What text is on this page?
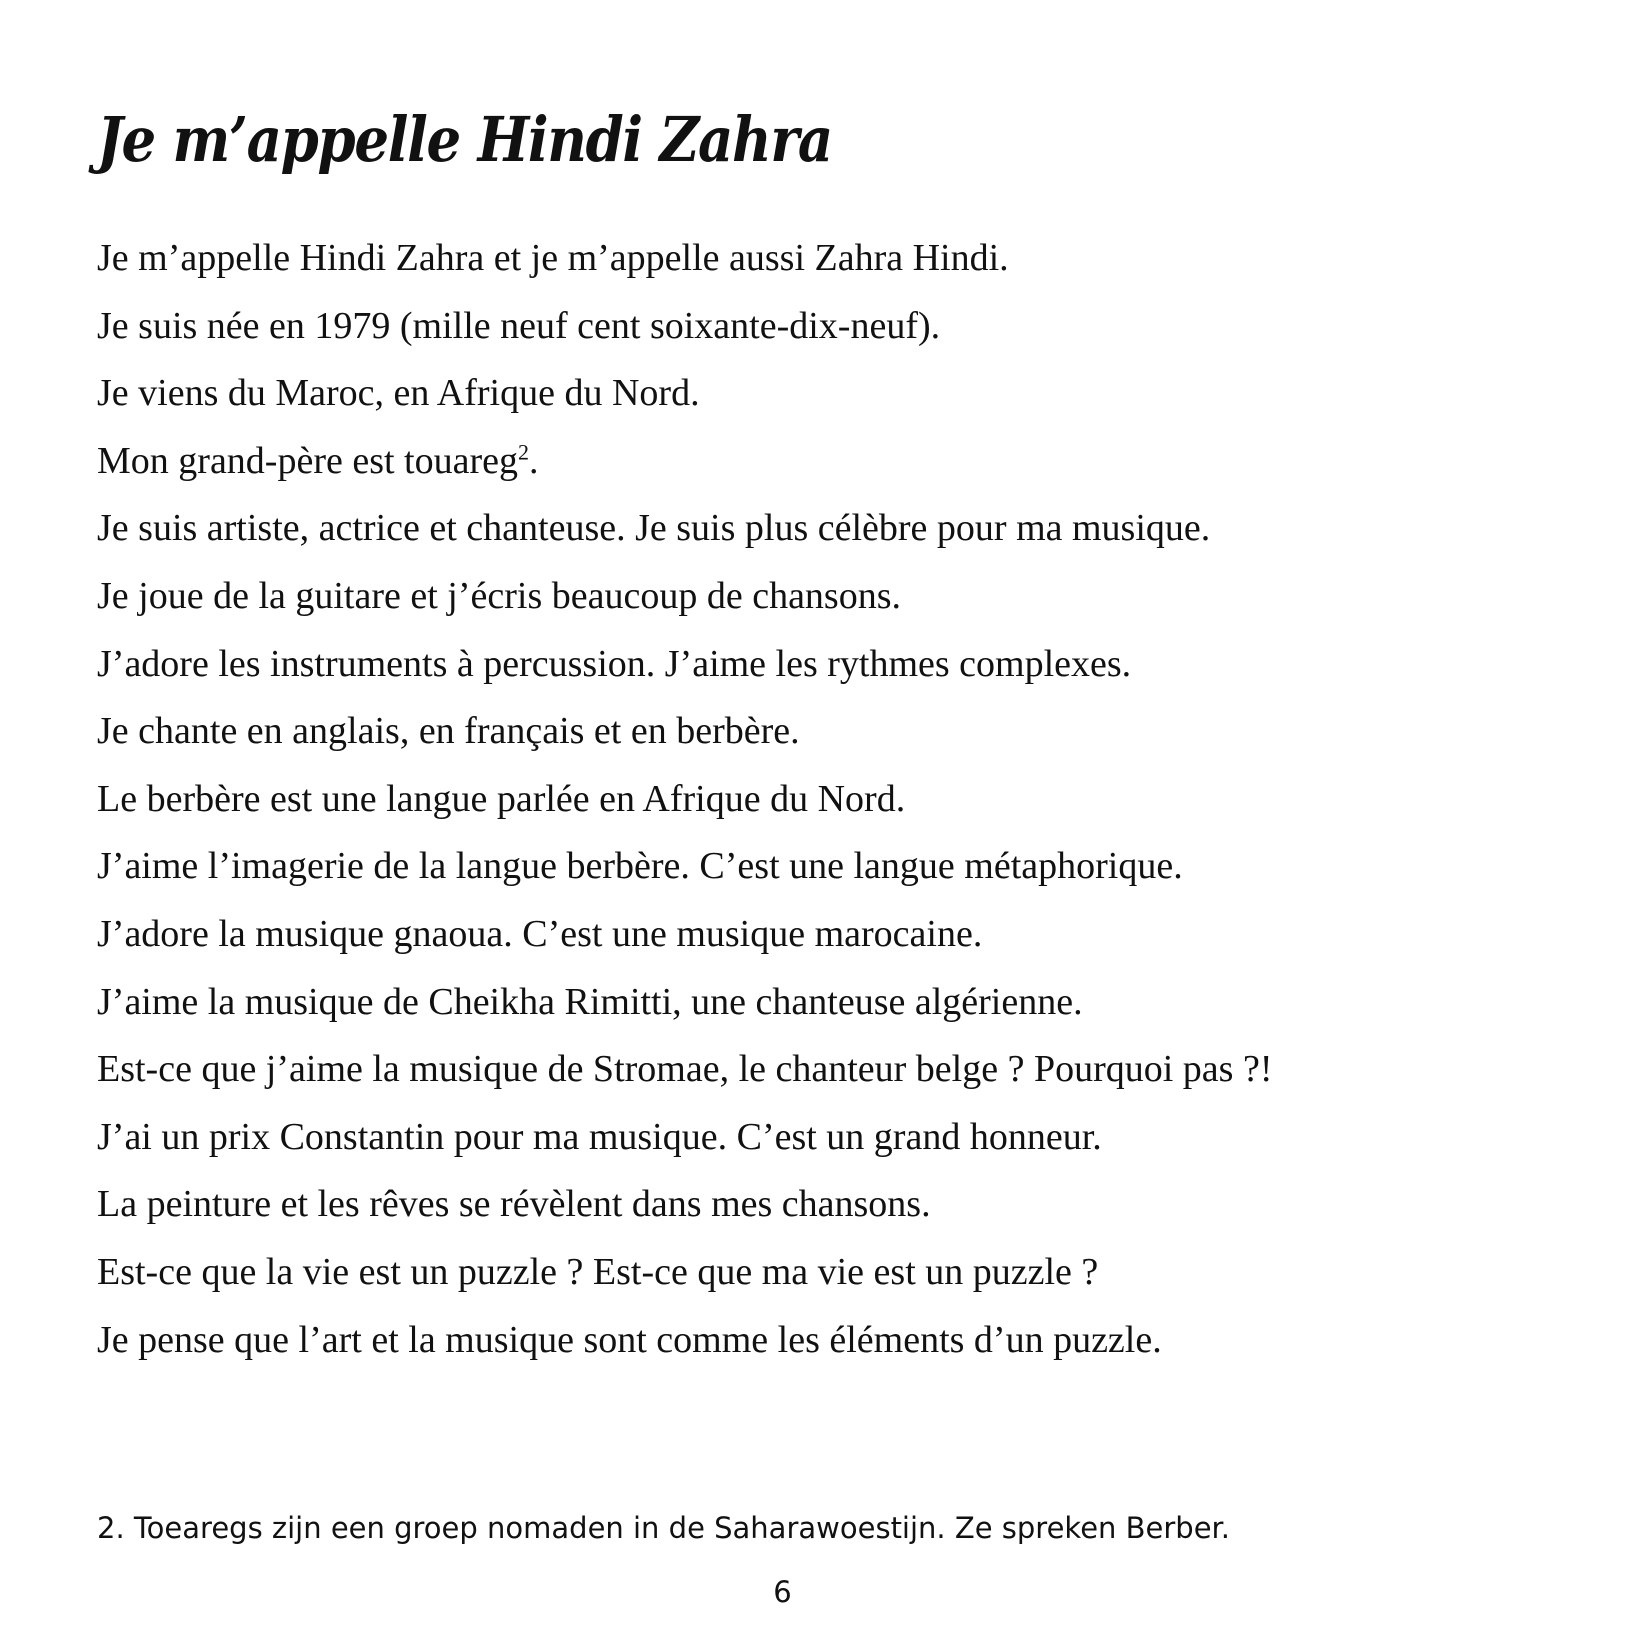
Je m’appelle Hindi Zahra
Je m’appelle Hindi Zahra et je m’appelle aussi Zahra Hindi.
Je suis née en 1979 (mille neuf cent soixante-dix-neuf).
Je viens du Maroc, en Afrique du Nord.
Mon grand-père est touareg$^2$.
Je suis artiste, actrice et chanteuse. Je suis plus célèbre pour ma musique.
Je joue de la guitare et j’écris beaucoup de chansons.
J’adore les instruments à percussion. J’aime les rythmes complexes.
Je chante en anglais, en français et en berbère.
Le berbère est une langue parlée en Afrique du Nord.
J’aime l’imagerie de la langue berbère. C’est une langue métaphorique.
J’adore la musique gnaoua. C’est une musique marocaine.
J’aime la musique de Cheikha Rimitti, une chanteuse algérienne.
Est-ce que j’aime la musique de Stromae, le chanteur belge ? Pourquoi pas ?!
J’ai un prix Constantin pour ma musique. C’est un grand honneur.
La peinture et les rêves se révèlent dans mes chansons.
Est-ce que la vie est un puzzle ? Est-ce que ma vie est un puzzle ?
Je pense que l’art et la musique sont comme les éléments d’un puzzle.

2. Toearegs zijn een groep nomaden in de Saharawoestijn. Ze spreken Berber.

6
